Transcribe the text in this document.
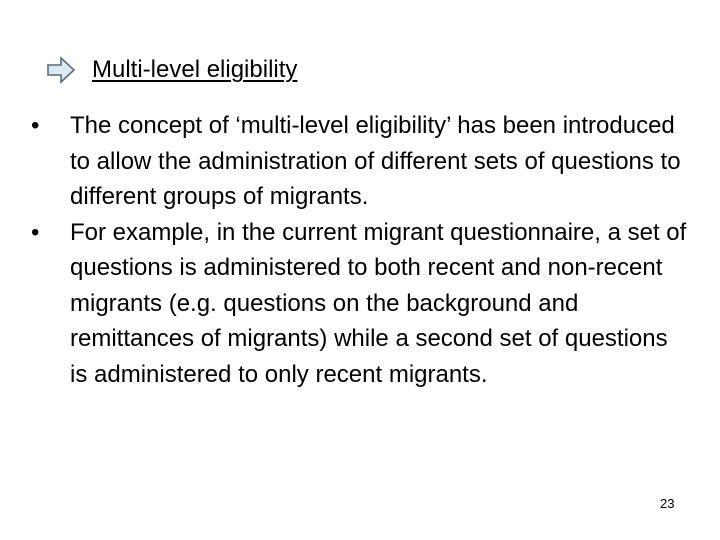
Multi-level eligibility
• The concept of ‘multi-level eligibility’ has been introduced to allow the administration of different sets of questions to different groups of migrants.
• For example, in the current migrant questionnaire, a set of questions is administered to both recent and non-recent migrants (e.g. questions on the background and remittances of migrants) while a second set of questions is administered to only recent migrants.
23
